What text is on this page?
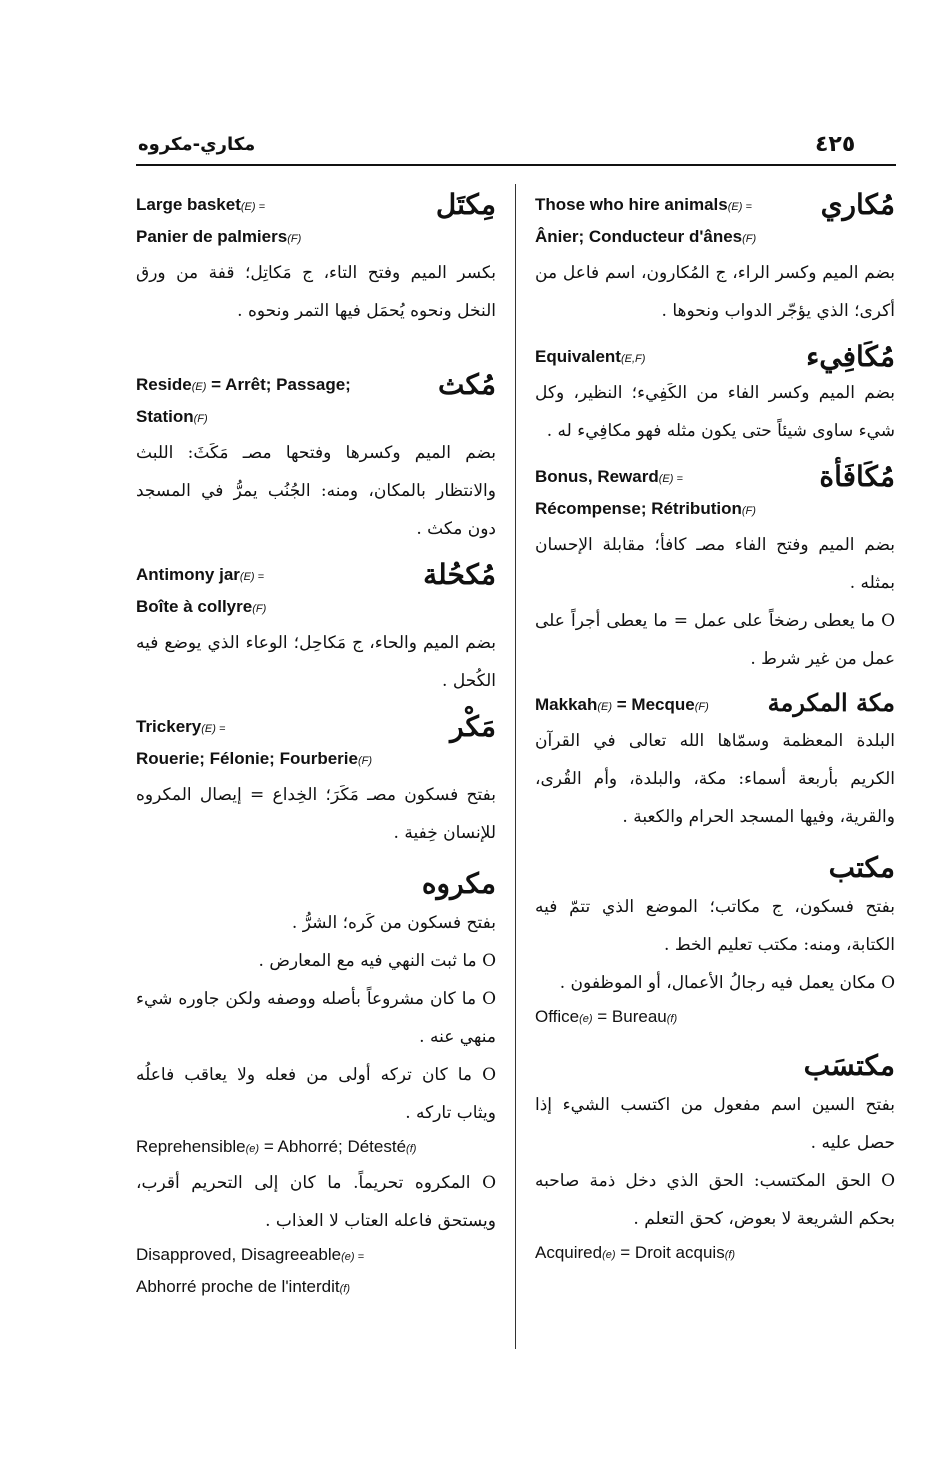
٤٢٥
مكاري-مكروه
مُكاري
Those who hire animals(E) =
Ânier; Conducteur d'ânes(F)
بضم الميم وكسر الراء، ج المُكارون، اسم فاعل من أكرى؛ الذي يؤجّر الدواب ونحوها .
مُكَافِيء
Equivalent(E,F)
بضم الميم وكسر الفاء من الكَفِيء؛ النظير، وكل شيء ساوى شيئاً حتى يكون مثله فهو مكافِيء له .
مُكَافَأة
Bonus, Reward(E) =
Récompense; Rétribution(F)
بضم الميم وفتح الفاء مصـ كافأ؛ مقابلة الإحسان بمثله .
O ما يعطى رضخاً على عمل = ما يعطى أجراً على عمل من غير شرط .
مكة المكرمة
Makkah(E) = Mecque(F)
البلدة المعظمة وسمّاها الله تعالى في القرآن الكريم بأربعة أسماء: مكة، والبلدة، وأم القُرى، والقرية، وفيها المسجد الحرام والكعبة .
مكتب
بفتح فسكون، ج مكاتب؛ الموضع الذي تتمّ فيه الكتابة، ومنه: مكتب تعليم الخط .
O مكان يعمل فيه رجالُ الأعمال، أو الموظفون .
Office(e) = Bureau(f)
مكتسَب
بفتح السين اسم مفعول من اكتسب الشيء إذا حصل عليه .
O الحق المكتسب: الحق الذي دخل ذمة صاحبه بحكم الشريعة لا بعوض، كحق التعلم .
Acquired(e) = Droit acquis(f)
مِكتَل
Large basket(E) =
Panier de palmiers(F)
بكسر الميم وفتح التاء، ج مَكاتِل؛ قفة من ورق النخل ونحوه يُحمَل فيها التمر ونحوه .
مُكث
Reside(E) = Arrêt; Passage;
Station(F)
بضم الميم وكسرها وفتحها مصـ مَكَثَ: اللبث والانتظار بالمكان، ومنه: الجُنُب يمرُّ في المسجد دون مكث .
مُكحُلة
Antimony jar(E) =
Boîte à collyre(F)
بضم الميم والحاء، ج مَكاحِل؛ الوعاء الذي يوضع فيه الكُحل .
مَكْر
Trickery(E) =
Rouerie; Félonie; Fourberie(F)
بفتح فسكون مصـ مَكَرَ؛ الخِداع = إيصال المكروه للإنسان خِفية .
مكروه
بفتح فسكون من كَره؛ الشرُّ .
O ما ثبت النهي فيه مع المعارض .
O ما كان مشروعاً بأصله ووصفه ولكن جاوره شيء منهي عنه .
O ما كان تركه أولى من فعله ولا يعاقب فاعلُه ويثاب تاركه .
Reprehensible(e) = Abhorré; Détesté(f)
O المكروه تحريماً. ما كان إلى التحريم أقرب، ويستحق فاعله العتاب لا العذاب .
Disapproved, Disagreeable(e) =
Abhorré proche de l'interdit(f)
